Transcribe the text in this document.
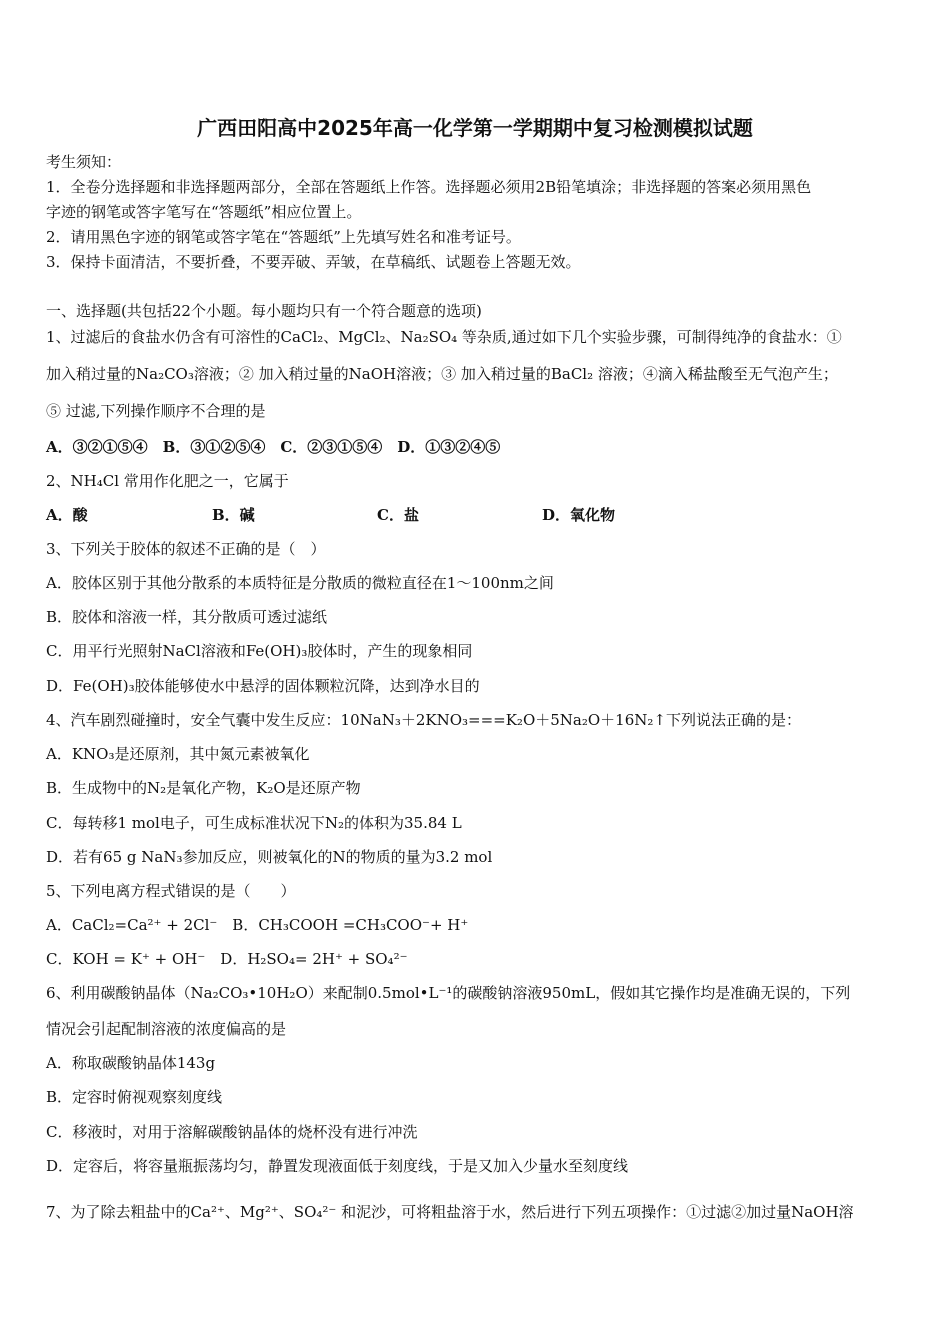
广西田阳高中2025年高一化学第一学期期中复习检测模拟试题
考生须知：
1．全卷分选择题和非选择题两部分，全部在答题纸上作答。选择题必须用2B铅笔填涂；非选择题的答案必须用黑色
字迹的钢笔或答字笔写在“答题纸”相应位置上。
2．请用黑色字迹的钢笔或答字笔在“答题纸”上先填写姓名和准考证号。
3．保持卡面清洁，不要折叠，不要弄破、弄皱，在草稿纸、试题卷上答题无效。
一、选择题(共包括22个小题。每小题均只有一个符合题意的选项)
1、过滤后的食盐水仍含有可溶性的CaCl₂、MgCl₂、Na₂SO₄ 等杂质,通过如下几个实验步骤，可制得纯净的食盐水：①
加入稍过量的Na₂CO₃溶液；② 加入稍过量的NaOH溶液；③ 加入稍过量的BaCl₂ 溶液；④滴入稀盐酸至无气泡产生；
⑤ 过滤,下列操作顺序不合理的是
A．③②①⑤④　B．③①②⑤④　C．②③①⑤④　D．①③②④⑤
2、NH₄Cl 常用作化肥之一，它属于
A．酸	B．碱	C．盐	D．氧化物
3、下列关于胶体的叙述不正确的是（　）
A．胶体区别于其他分散系的本质特征是分散质的微粒直径在1～100nm之间
B．胶体和溶液一样，其分散质可透过滤纸
C．用平行光照射NaCl溶液和Fe(OH)₃胶体时，产生的现象相同
D．Fe(OH)₃胶体能够使水中悬浮的固体颗粒沉降，达到净水目的
4、汽车剧烈碰撞时，安全气囊中发生反应：10NaN₃＋2KNO₃===K₂O＋5Na₂O＋16N₂↑下列说法正确的是：
A．KNO₃是还原剂，其中氮元素被氧化
B．生成物中的N₂是氧化产物，K₂O是还原产物
C．每转移1 mol电子，可生成标准状况下N₂的体积为35.84 L
D．若有65 g NaN₃参加反应，则被氧化的N的物质的量为3.2 mol
5、下列电离方程式错误的是（　　）
A．CaCl₂=Ca²⁺ + 2Cl⁻　B．CH₃COOH =CH₃COO⁻+ H⁺
C．KOH = K⁺ + OH⁻　D．H₂SO₄= 2H⁺ + SO₄²⁻
6、利用碳酸钠晶体（Na₂CO₃•10H₂O）来配制0.5mol•L⁻¹的碳酸钠溶液950mL，假如其它操作均是准确无误的，下列
情况会引起配制溶液的浓度偏高的是
A．称取碳酸钠晶体143g
B．定容时俯视观察刻度线
C．移液时，对用于溶解碳酸钠晶体的烧杯没有进行冲洗
D．定容后，将容量瓶振荡均匀，静置发现液面低于刻度线，于是又加入少量水至刻度线
7、为了除去粗盐中的Ca²⁺、Mg²⁺、SO₄²⁻ 和泥沙，可将粗盐溶于水，然后进行下列五项操作：①过滤②加过量NaOH溶
